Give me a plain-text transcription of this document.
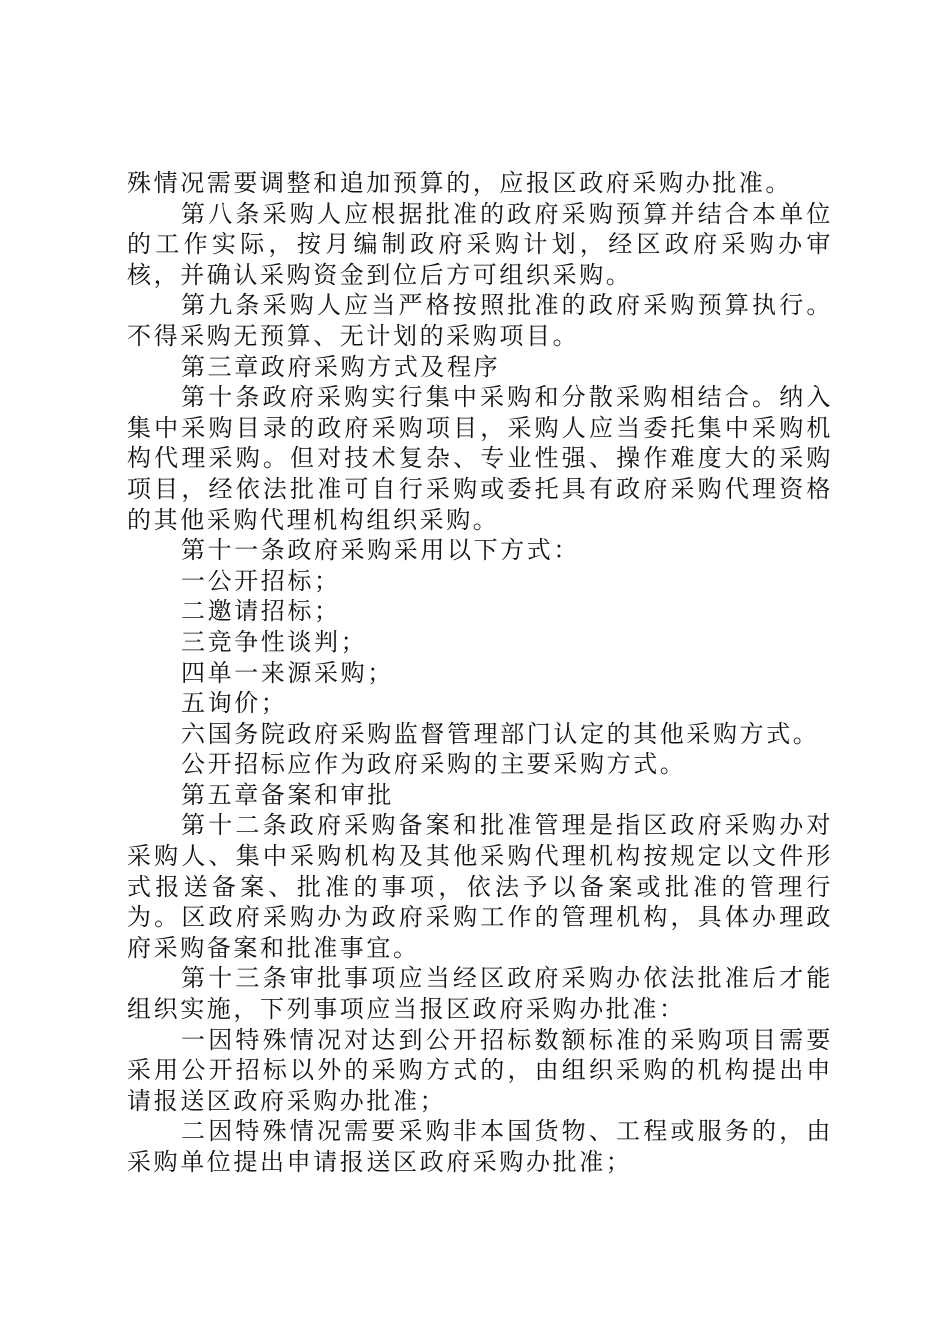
殊情况需要调整和追加预算的，应报区政府采购办批准。

第八条采购人应根据批准的政府采购预算并结合本单位的工作实际，按月编制政府采购计划，经区政府采购办审核，并确认采购资金到位后方可组织采购。

第九条采购人应当严格按照批准的政府采购预算执行。不得采购无预算、无计划的采购项目。

第三章政府采购方式及程序

第十条政府采购实行集中采购和分散采购相结合。纳入集中采购目录的政府采购项目，采购人应当委托集中采购机构代理采购。但对技术复杂、专业性强、操作难度大的采购项目，经依法批准可自行采购或委托具有政府采购代理资格的其他采购代理机构组织采购。

第十一条政府采购采用以下方式：

一公开招标；

二邀请招标；

三竞争性谈判；

四单一来源采购；

五询价；

六国务院政府采购监督管理部门认定的其他采购方式。

公开招标应作为政府采购的主要采购方式。

第五章备案和审批

第十二条政府采购备案和批准管理是指区政府采购办对采购人、集中采购机构及其他采购代理机构按规定以文件形式报送备案、批准的事项，依法予以备案或批准的管理行为。区政府采购办为政府采购工作的管理机构，具体办理政府采购备案和批准事宜。

第十三条审批事项应当经区政府采购办依法批准后才能组织实施，下列事项应当报区政府采购办批准：

一因特殊情况对达到公开招标数额标准的采购项目需要采用公开招标以外的采购方式的，由组织采购的机构提出申请报送区政府采购办批准；

二因特殊情况需要采购非本国货物、工程或服务的，由采购单位提出申请报送区政府采购办批准；
